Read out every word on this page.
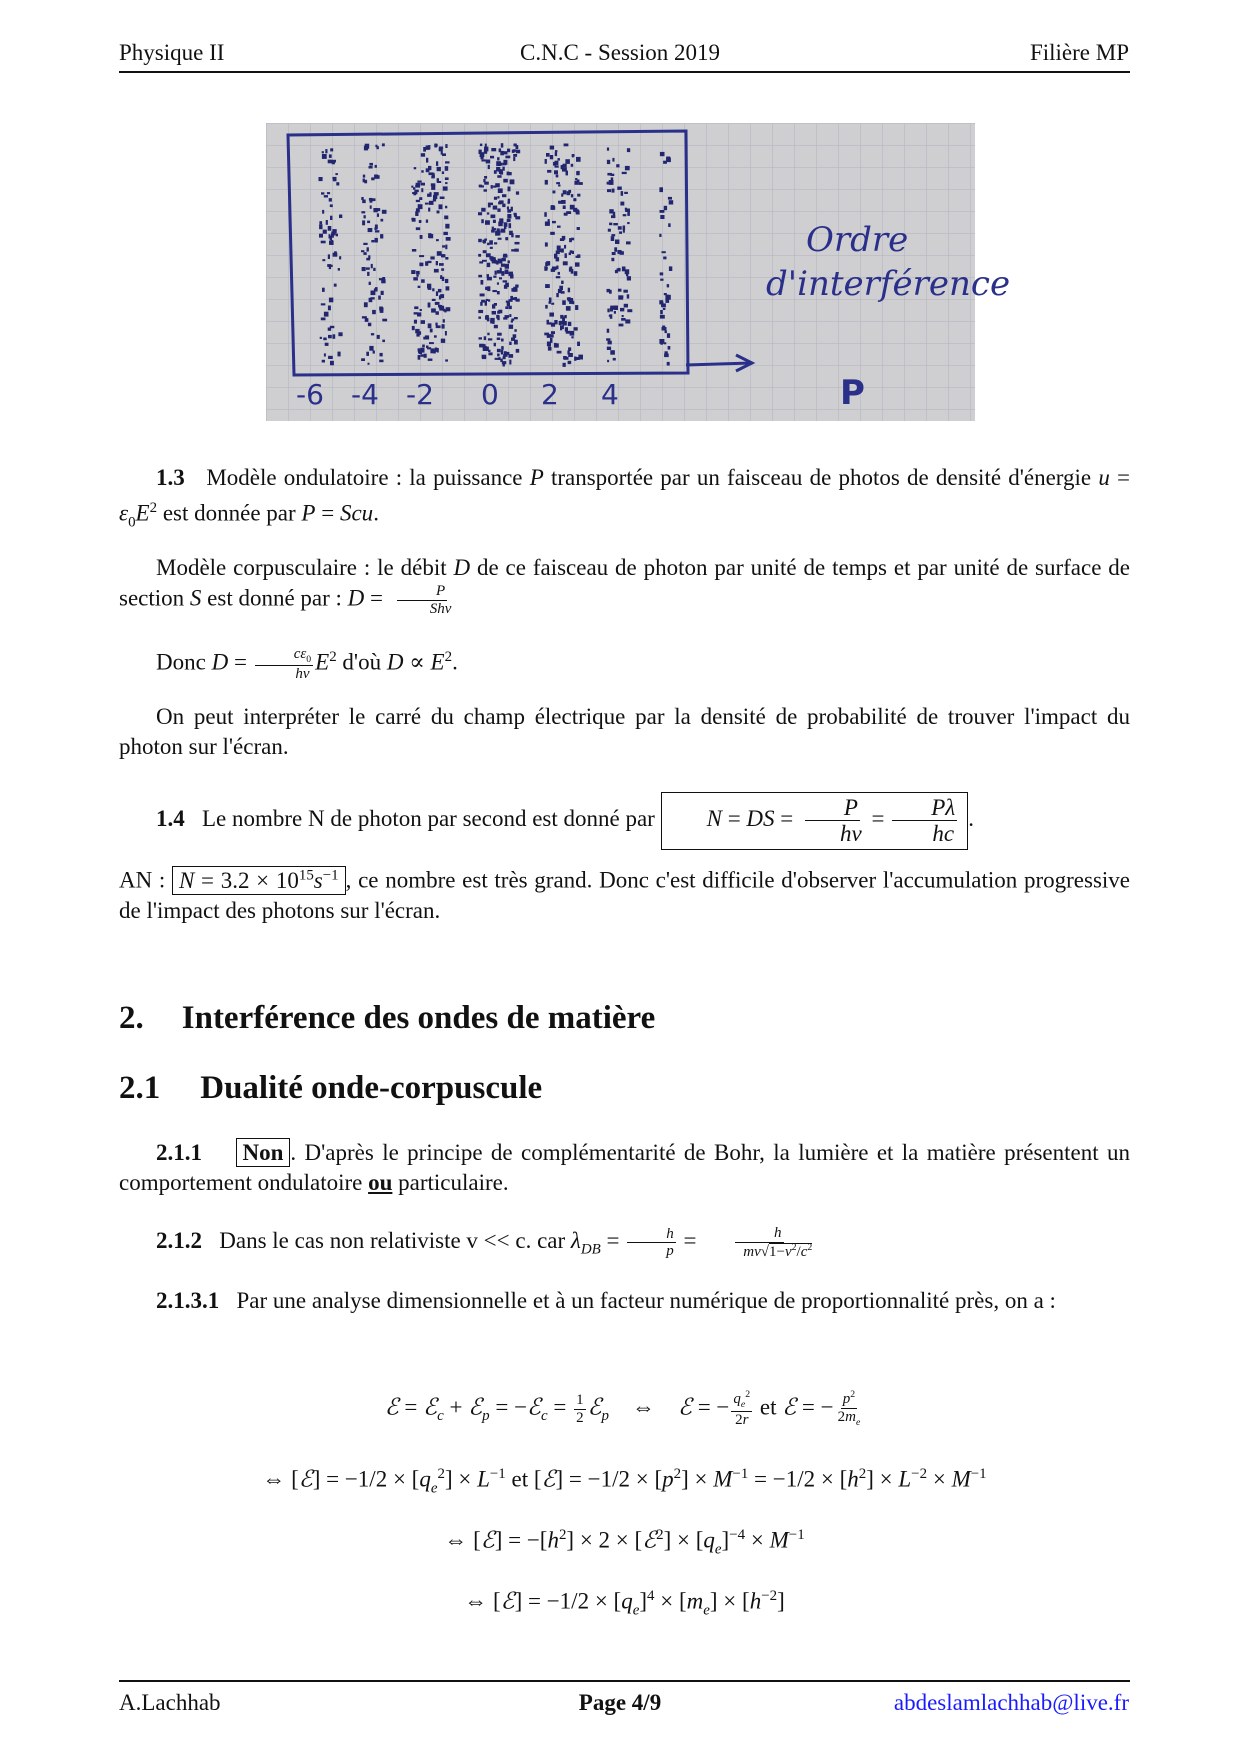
Physique II	C.N.C - Session 2019	Filière MP
Ordre
d'interférence
P
-6 -4 -2 0 2 4
1.3 Modèle ondulatoire : la puissance P transportée par un faisceau de photos de densité d'énergie $u = \varepsilon_0E^2$ est donnée par P = Scu.
Modèle corpusculaire : le débit D de ce faisceau de photon par unité de temps et par unité de surface de section S est donné par : $D = \frac{P}{\text{Shν}}$
Donc $D = \frac{c\varepsilon_0}{h\nu} E^2$ d'où $D \propto E^2$.
On peut interpréter le carré du champ électrique par la densité de probabilité de trouver l'impact du photon sur l'écran.
1.4 Le nombre N de photon par second est donné par N = DS = $\frac{P}{h\nu} = \frac{P\lambda}{hc}$ .
AN : $N = 3.2 \times 10^{15}s^{-1}$ , ce nombre est très grand. Donc c'est difficile d'observer l'accumulation progressive de l'impact des photons sur l'écran.
2. Interférence des ondes de matière
2.1 Dualité onde-corpuscule
2.1.1 Non . D'après le principe de complémentarité de Bohr, la lumière et la matière présentent un comportement ondulatoire ou particulaire.
2.1.2 Dans le cas non relativiste v << c. car $\lambda_{DB} = \frac{h}{p} = \frac{h}{mv√1-v^2/c^2}$
2.1.3.1 Par une analyse dimensionnelle et à un facteur numérique de proportionnalité près, on a :
ℰ = ℰ$_c$ + ℰ$_p$ = −ℰ$_c$ = $\frac{1}{2}$ ℰ$_p$    ⇔    ℰ = − $\frac{q_e^2}{2r}$ et ℰ = − $\frac{p^2}{2m_e}$
⇔ [ℰ] = $-1/2 \times [q_e^2] \times L^{-1}$ et [ℰ] = $-1/2 \times [p^2] \times M^{-1} = -1/2 \times [h^2] \times L^{-2} \times M^{-1}$
⇔ [ℰ] = $-[h^2] \times 2$ × [ℰ$^2$] × $[q_e]^{-4} \times M^{-1}$
⇔ [ℰ] = $-1/2 \times [q_e]^4 \times [m_e] \times [h^{-2}]$
A.Lachhab	Page 4/9	abdeslamlachhab@live.fr
